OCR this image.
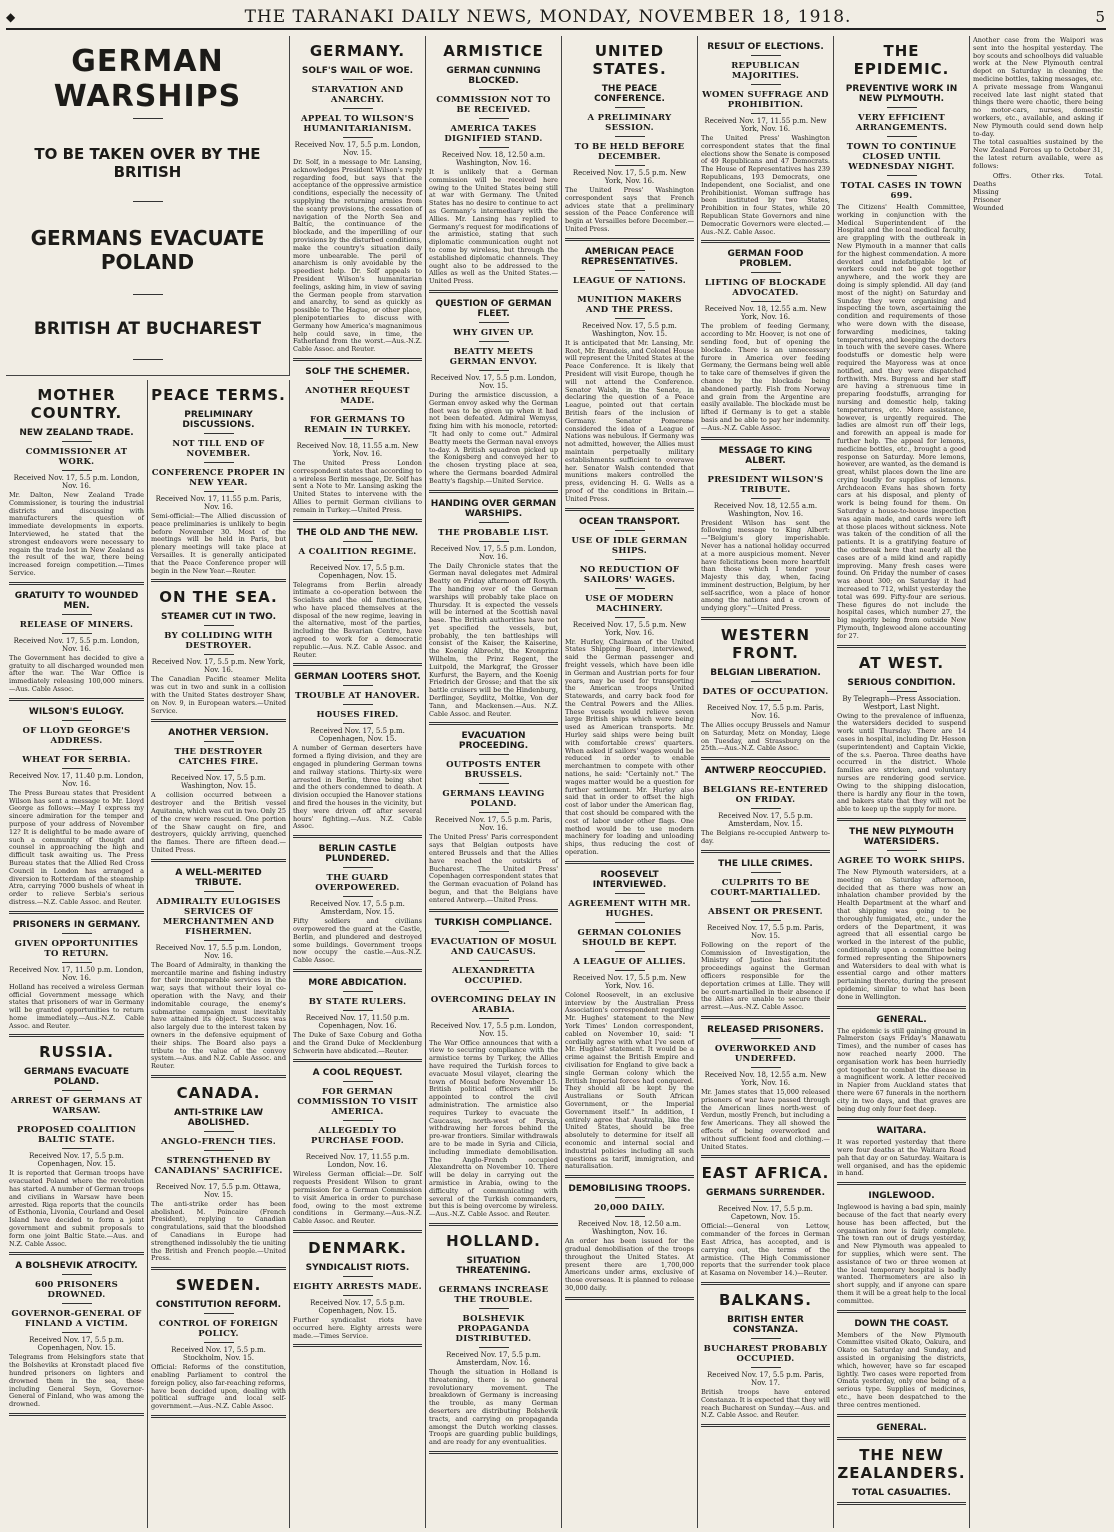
◆	THE TARANAKI DAILY NEWS, MONDAY, NOVEMBER 18, 1918.	5
GERMAN WARSHIPS
TO BE TAKEN OVER BY THE BRITISH
GERMANS EVACUATE POLAND
BRITISH AT BUCHAREST
MOTHER COUNTRY.
NEW ZEALAND TRADE.
COMMISSIONER AT WORK.
Received Nov. 17, 5.5 p.m. London, Nov. 16.
Mr. Dalton, New Zealand Trade Commissioner, is touring the industrial districts and discussing with manufacturers the question of immediate developments in exports. Interviewed, he stated that the strongest endeavors were necessary to regain the trade lost in New Zealand as the result of the war, there being increased foreign competition.—Times Service.
GRATUITY TO WOUNDED MEN.
RELEASE OF MINERS.
Received Nov. 17, 5.5 p.m. London, Nov. 16.
The Government has decided to give a gratuity to all discharged wounded men after the war. The War Office is immediately releasing 100,000 miners.—Aus. Cable Assoc.
WILSON'S EULOGY.
OF LLOYD GEORGE'S ADDRESS.
WHEAT FOR SERBIA.
Received Nov. 17, 11.40 p.m. London, Nov. 16.
The Press Bureau states that President Wilson has sent a message to Mr. Lloyd George as follows:—May I express my sincere admiration for the temper and purpose of your address of November 12? It is delightful to be made aware of such a community of thought and counsel in approaching the high and difficult task awaiting us. The Press Bureau states that the Allied Red Cross Council in London has arranged a diversion to Rotterdam of the steamship Atra, carrying 7000 bushels of wheat in order to relieve Serbia's serious distress.—N.Z. Cable Assoc. and Reuter.
PRISONERS IN GERMANY.
GIVEN OPPORTUNITIES TO RETURN.
Received Nov. 17, 11.50 p.m. London, Nov. 16.
Holland has received a wireless German official Government message which states that prisoners of war in Germany will be granted opportunities to return home immediately.—Aus.-N.Z. Cable Assoc. and Reuter.
RUSSIA.
GERMANS EVACUATE POLAND.
ARREST OF GERMANS AT WARSAW.
PROPOSED COALITION BALTIC STATE.
Received Nov. 17, 5.5 p.m. Copenhagen, Nov. 15.
It is reported that German troops have evacuated Poland where the revolution has started. A number of German troops and civilians in Warsaw have been arrested. Riga reports that the councils of Esthonia, Livonia, Courland and Oesel Island have decided to form a joint government and submit proposals to form one joint Baltic State.—Aus. and N.Z. Cable Assoc.
A BOLSHEVIK ATROCITY.
600 PRISONERS DROWNED.
GOVERNOR-GENERAL OF FINLAND A VICTIM.
Received Nov. 17, 5.5 p.m. Copenhagen, Nov. 15.
Telegrams from Helsingfors state that the Bolsheviks at Kronstadt placed five hundred prisoners on lighters and drowned them in the sea, these including General Seyn, Governor-General of Finland, who was among the drowned.
PEACE TERMS.
PRELIMINARY DISCUSSIONS.
NOT TILL END OF NOVEMBER.
CONFERENCE PROPER IN NEW YEAR.
Received Nov. 17, 11.55 p.m. Paris, Nov. 16.
Semi-official:—The Allied discussion of peace preliminaries is unlikely to begin before November 30. Most of the meetings will be held in Paris, but plenary meetings will take place at Versailles. It is generally anticipated that the Peace Conference proper will begin in the New Year.—Reuter.
ON THE SEA.
STEAMER CUT IN TWO.
BY COLLIDING WITH DESTROYER.
Received Nov. 17, 5.5 p.m. New York, Nov. 16.
The Canadian Pacific steamer Melita was cut in two and sunk in a collision with the United States destroyer Shaw, on Nov. 9, in European waters.—United Service.
ANOTHER VERSION.
THE DESTROYER CATCHES FIRE.
Received Nov. 17, 5.5 p.m. Washington, Nov. 15.
A collision occurred between a destroyer and the British vessel Aquitania, which was cut in two. Only 25 of the crew were rescued. One portion of the Shaw caught on fire, and destroyers, quickly arriving, quenched the flames. There are fifteen dead.—United Press.
A WELL-MERITED TRIBUTE.
ADMIRALTY EULOGISES SERVICES OF MERCHANTMEN AND FISHERMEN.
Received Nov. 17, 5.5 p.m. London, Nov. 16.
The Board of Admiralty, in thanking the mercantile marine and fishing industry for their incomparable services in the war, says that without their loyal co-operation with the Navy, and their indomitable courage, the enemy's submarine campaign must inevitably have attained its object. Success was also largely due to the interest taken by owners in the defensive equipment of their ships. The Board also pays a tribute to the value of the convoy system.—Aus. and N.Z. Cable Assoc. and Reuter.
CANADA.
ANTI-STRIKE LAW ABOLISHED.
ANGLO-FRENCH TIES.
STRENGTHENED BY CANADIANS' SACRIFICE.
Received Nov. 17, 5.5 p.m. Ottawa, Nov. 15.
The anti-strike order has been abolished. M. Poincaire (French President), replying to Canadian congratulations, said that the bloodshed of Canadians in Europe had strengthened indissolubly the tie uniting the British and French people.—United Press.
SWEDEN.
CONSTITUTION REFORM.
CONTROL OF FOREIGN POLICY.
Received Nov. 17, 5.5 p.m. Stockholm, Nov. 15.
Official: Reforms of the constitution, enabling Parliament to control the foreign policy, also far-reaching reforms, have been decided upon, dealing with political suffrage and local self-government.—Aus.-N.Z. Cable Assoc.
GERMANY.
SOLF'S WAIL OF WOE.
STARVATION AND ANARCHY.
APPEAL TO WILSON'S HUMANITARIANISM.
Received Nov. 17, 5.5 p.m. London, Nov. 15.
Dr. Solf, in a message to Mr. Lansing, acknowledges President Wilson's reply regarding food, but says that the acceptance of the oppressive armistice conditions, especially the necessity of supplying the returning armies from the scanty provisions, the cessation of navigation of the North Sea and Baltic, the continuance of the blockade, and the imperilling of our provisions by the disturbed conditions, make the country's situation daily more unbearable. The peril of anarchism is only avoidable by the speediest help. Dr. Solf appeals to President Wilson's humanitarian feelings, asking him, in view of saving the German people from starvation and anarchy, to send as quickly as possible to The Hague, or other place, plenipotentiaries to discuss with Germany how America's magnanimous help could save, in time, the Fatherland from the worst.—Aus.-N.Z. Cable Assoc. and Reuter.
SOLF THE SCHEMER.
ANOTHER REQUEST MADE.
FOR GERMANS TO REMAIN IN TURKEY.
Received Nov. 18, 11.55 a.m. New York, Nov. 16.
The United Press London correspondent states that according to a wireless Berlin message, Dr. Solf has sent a Note to Mr. Lansing asking the United States to intervene with the Allies to permit German civilians to remain in Turkey.—United Press.
THE OLD AND THE NEW.
A COALITION REGIME.
Received Nov. 17, 5.5 p.m. Copenhagen, Nov. 15.
Telegrams from Berlin already intimate a co-operation between the Socialists and the old functionaries, who have placed themselves at the disposal of the new regime, leaving in the alternative, most of the parties, including the Bavarian Centre, have agreed to work for a democratic republic.—Aus. N.Z. Cable Assoc. and Reuter.
GERMAN LOOTERS SHOT.
TROUBLE AT HANOVER.
HOUSES FIRED.
Received Nov. 17, 5.5 p.m. Copenhagen, Nov. 15.
A number of German deserters have formed a flying division, and they are engaged in plundering German towns and railway stations. Thirty-six were arrested in Berlin, three being shot and the others condemned to death. A division occupied the Hanover stations and fired the houses in the vicinity, but they were driven off after several hours' fighting.—Aus. N.Z. Cable Assoc.
BERLIN CASTLE PLUNDERED.
THE GUARD OVERPOWERED.
Received Nov. 17, 5.5 p.m. Amsterdam, Nov. 15.
Fifty soldiers and civilians overpowered the guard at the Castle, Berlin, and plundered and destroyed some buildings. Government troops now occupy the castle.—Aus.-N.Z. Cable Assoc.
MORE ABDICATION.
BY STATE RULERS.
Received Nov. 17, 11.50 p.m. Copenhagen, Nov. 16.
The Duke of Saxe Coburg and Gotha and the Grand Duke of Mecklenburg Schwerin have abdicated.—Reuter.
A COOL REQUEST.
FOR GERMAN COMMISSION TO VISIT AMERICA.
ALLEGEDLY TO PURCHASE FOOD.
Received Nov. 17, 11.55 p.m. London, Nov. 16.
Wireless German official:—Dr. Solf requests President Wilson to grant permission for a German Commission to visit America in order to purchase food, owing to the most extreme conditions in Germany.—Aus.-N.Z. Cable Assoc. and Reuter.
DENMARK.
SYNDICALIST RIOTS.
EIGHTY ARRESTS MADE.
Received Nov. 17, 5.5 p.m. Copenhagen, Nov. 15.
Further syndicalist riots have occurred here. Eighty arrests were made.—Times Service.
ARMISTICE
GERMAN CUNNING BLOCKED.
COMMISSION NOT TO BE RECEIVED.
AMERICA TAKES DIGNIFIED STAND.
Received Nov. 18, 12.50 a.m. Washington, Nov. 16.
It is unlikely that a German commission will be received here owing to the United States being still at war with Germany. The United States has no desire to continue to act as Germany's intermediary with the Allies. Mr. Lansing has replied to Germany's request for modifications of the armistice, stating that such diplomatic communication ought not to come by wireless, but through the established diplomatic channels. They ought also to be addressed to the Allies as well as the United States.—United Press.
QUESTION OF GERMAN FLEET.
WHY GIVEN UP.
BEATTY MEETS GERMAN ENVOY.
Received Nov. 17, 5.5 p.m. London, Nov. 15.
During the armistice discussion, a German envoy asked why the German fleet was to be given up when it had not been defeated. Admiral Wemyss, fixing him with his monocle, retorted: "It had only to come out." Admiral Beatty meets the German naval envoys to-day. A British squadron picked up the Konigsberg and conveyed her to the chosen trysting place at sea, where the Germans boarded Admiral Beatty's flagship.—United Service.
HANDING OVER GERMAN WARSHIPS.
THE PROBABLE LIST.
Received Nov. 17, 5.5 p.m. London, Nov. 16.
The Daily Chronicle states that the German naval delegates met Admiral Beatty on Friday afternoon off Rosyth. The handing over of the German warships will probably take place on Thursday. It is expected the vessels will be interned at the Scottish naval base. The British authorities have not yet specified the vessels, but, probably, the ten battleships will consist of the Kaiser, the Kaiserine, the Koenig Albrecht, the Kronprinz Wilhelm, the Prinz Regent, the Luitpold, the Markgraf, the Grosser Kurfurst, the Bayern, and the Koenig Friedrich der Grosse; and that the six battle cruisers will be the Hindenburg, Derflinger, Seydlitz, Moltke, Von der Tann, and Mackensen.—Aus. N.Z. Cable Assoc. and Reuter.
EVACUATION PROCEEDING.
OUTPOSTS ENTER BRUSSELS.
GERMANS LEAVING POLAND.
Received Nov. 17, 5.5 p.m. Paris, Nov. 16.
The United Press' Paris correspondent says that Belgian outposts have entered Brussels and that the Allies have reached the outskirts of Bucharest. The United Press' Copenhagen correspondent states that the German evacuation of Poland has begun, and that the Belgians have entered Antwerp.—United Press.
TURKISH COMPLIANCE.
EVACUATION OF MOSUL AND CAUCASUS.
ALEXANDRETTA OCCUPIED.
OVERCOMING DELAY IN ARABIA.
Received Nov. 17, 5.5 p.m. London, Nov. 15.
The War Office announces that with a view to securing compliance with the armistice terms by Turkey, the Allies have required the Turkish forces to evacuate Mosul vilayet, clearing the town of Mosul before November 15. British political officers will be appointed to control the civil administration. The armistice also requires Turkey to evacuate the Caucasus, north-west of Persia, withdrawing her forces behind the pre-war frontiers. Similar withdrawals are to be made in Syria and Cilicia, including immediate demobilisation. The Anglo-French occupied Alexandretta on November 10. There will be delay in carrying out the armistice in Arabia, owing to the difficulty of communicating with several of the Turkish commanders, but this is being overcome by wireless.—Aus.-N.Z. Cable Assoc. and Reuter.
HOLLAND.
SITUATION THREATENING.
GERMANS INCREASE THE TROUBLE.
BOLSHEVIK PROPAGANDA DISTRIBUTED.
Received Nov. 17, 5.5 p.m. Amsterdam, Nov. 16.
Though the situation in Holland is threatening, there is no general revolutionary movement. The breakdown of Germany is increasing the trouble, as many German deserters are distributing Bolshevik tracts, and carrying on propaganda amongst the Dutch working classes. Troops are guarding public buildings, and are ready for any eventualities.
UNITED STATES.
THE PEACE CONFERENCE.
A PRELIMINARY SESSION.
TO BE HELD BEFORE DECEMBER.
Received Nov. 17, 5.5 p.m. New York, Nov. 16.
The United Press' Washington correspondent says that French advices state that a preliminary session of the Peace Conference will begin at Versailles before December.—United Press.
AMERICAN PEACE REPRESENTATIVES.
LEAGUE OF NATIONS.
MUNITION MAKERS AND THE PRESS.
Received Nov. 17, 5.5 p.m. Washington, Nov. 15.
It is anticipated that Mr. Lansing, Mr. Root, Mr. Brandeis, and Colonel House will represent the United States at the Peace Conference. It is likely that President will visit Europe, though he will not attend the Conference. Senator Walsh, in the Senate, in declaring the question of a Peace League, pointed out that certain British fears of the inclusion of Germany. Senator Pomerene considered the idea of a League of Nations was nebulous. If Germany was not admitted, however, the Allies must maintain perpetually military establishments sufficient to overawe her. Senator Walsh contended that munitions makers controlled the press, evidencing H. G. Wells as a proof of the conditions in Britain.—United Press.
OCEAN TRANSPORT.
USE OF IDLE GERMAN SHIPS.
NO REDUCTION OF SAILORS' WAGES.
USE OF MODERN MACHINERY.
Received Nov. 17, 5.5 p.m. New York, Nov. 16.
Mr. Hurley, Chairman of the United States Shipping Board, interviewed, said the German passenger and freight vessels, which have been idle in German and Austrian ports for four years, may be used for transporting the American troops United Statewards, and carry back food for the Central Powers and the Allies. These vessels would relieve seven large British ships which were being used as American transports. Mr. Hurley said ships were being built with comfortable crews' quarters. When asked if sailors' wages would be reduced in order to enable merchantmen to compete with other nations, he said: "Certainly not." The wages matter would be a question for further settlement. Mr. Hurley also said that in order to offset the high cost of labor under the American flag, that cost should be compared with the cost of labor under other flags. One method would be to use modern machinery for loading and unloading ships, thus reducing the cost of operation.
ROOSEVELT INTERVIEWED.
AGREEMENT WITH MR. HUGHES.
GERMAN COLONIES SHOULD BE KEPT.
A LEAGUE OF ALLIES.
Received Nov. 17, 5.5 p.m. New York, Nov. 16.
Colonel Roosevelt, in an exclusive interview by the Australian Press Association's correspondent regarding Mr. Hughes' statement to the New York Times' London correspondent, cabled on November 10, said: "I cordially agree with what I've seen of Mr. Hughes' statement. It would be a crime against the British Empire and civilisation for England to give back a single German colony which the British Imperial forces had conquered. They should all be kept by the Australians or South African Government, or the Imperial Government itself." In addition, I entirely agree that Australia, like the United States, should be free absolutely to determine for itself all economic and internal social and industrial policies including all such questions as tariff, immigration, and naturalisation.
DEMOBILISING TROOPS.
20,000 DAILY.
Received Nov. 18, 12.50 a.m. Washington, Nov. 16.
An order has been issued for the gradual demobilisation of the troops throughout the United States. At present there are 1,700,000 Americans under arms, exclusive of those overseas. It is planned to release 30,000 daily.
RESULT OF ELECTIONS.
REPUBLICAN MAJORITIES.
WOMEN SUFFRAGE AND PROHIBITION.
Received Nov. 17, 11.55 p.m. New York, Nov. 16.
The United Press' Washington correspondent states that the final elections show the Senate is composed of 49 Republicans and 47 Democrats. The House of Representatives has 239 Republicans, 193 Democrats, one Independent, one Socialist, and one Prohibitionist. Woman suffrage has been instituted by two States, Prohibition in four States, while 20 Republican State Governors and nine Democratic Governors were elected.—Aus.-N.Z. Cable Assoc.
GERMAN FOOD PROBLEM.
LIFTING OF BLOCKADE ADVOCATED.
Received Nov. 18, 12.55 a.m. New York, Nov. 16.
The problem of feeding Germany, according to Mr. Hoover, is not one of sending food, but of opening the blockade. There is an unnecessary furore in America over feeding Germany, the Germans being well able to take care of themselves if given the chance by the blockade being abandoned partly. Fish from Norway and grain from the Argentine are easily available. The blockade must be lifted if Germany is to get a stable basis and be able to pay her indemnity.—Aus.-N.Z. Cable Assoc.
MESSAGE TO KING ALBERT.
PRESIDENT WILSON'S TRIBUTE.
Received Nov. 18, 12.55 a.m. Washington, Nov. 16.
President Wilson has sent the following message to King Albert:—"Belgium's glory imperishable. Never has a national holiday occurred at a more auspicious moment. Never have felicitations been more heartfelt than those which I tender your Majesty this day, when, facing imminent destruction, Belgium, by her self-sacrifice, won a place of honor among the nations and a crown of undying glory."—United Press.
WESTERN FRONT.
BELGIAN LIBERATION.
DATES OF OCCUPATION.
Received Nov. 17, 5.5 p.m. Paris, Nov. 16.
The Allies occupy Brussels and Namur on Saturday, Metz on Monday, Liege on Tuesday, and Strassburg on the 25th.—Aus.-N.Z. Cable Assoc.
ANTWERP REOCCUPIED.
BELGIANS RE-ENTERED ON FRIDAY.
Received Nov. 17, 5.5 p.m. Amsterdam, Nov. 15.
The Belgians re-occupied Antwerp to-day.
THE LILLE CRIMES.
CULPRITS TO BE COURT-MARTIALLED.
ABSENT OR PRESENT.
Received Nov. 17, 5.5 p.m. Paris, Nov. 15.
Following on the report of the Commission of Investigation, the Ministry of Justice has instituted proceedings against the German officers responsible for the deportation crimes at Lille. They will be court-martialled in their absence if the Allies are unable to secure their arrest.—Aus.-N.Z. Cable Assoc.
RELEASED PRISONERS.
OVERWORKED AND UNDERFED.
Received Nov. 18, 12.55 a.m. New York, Nov. 16.
Mr. James states that 15,000 released prisoners of war have passed through the American lines north-west of Verdun, mostly French, but including a few Americans. They all showed the effects of being overworked and without sufficient food and clothing.—United States.
EAST AFRICA.
GERMANS SURRENDER.
Received Nov. 17, 5.5 p.m. Capetown, Nov. 15.
Official:—General von Lettow, commander of the forces in German East Africa, has accepted, and is carrying out, the terms of the armistice. (The High Commissioner reports that the surrender took place at Kasama on November 14.)—Reuter.
BALKANS.
BRITISH ENTER CONSTANZA.
BUCHAREST PROBABLY OCCUPIED.
Received Nov. 17, 5.5 p.m. Paris, Nov. 17.
British troops have entered Constanza. It is expected that they will reach Bucharest on Sunday.—Aus. and N.Z. Cable Assoc. and Reuter.
THE EPIDEMIC.
PREVENTIVE WORK IN NEW PLYMOUTH.
VERY EFFICIENT ARRANGEMENTS.
TOWN TO CONTINUE CLOSED UNTIL WEDNESDAY NIGHT.
TOTAL CASES IN TOWN 699.
The Citizens' Health Committee, working in conjunction with the Medical Superintendent of the Hospital and the local medical faculty, are grappling with the outbreak in New Plymouth in a manner that calls for the highest commendation. A more devoted and indefatigable lot of workers could not be got together anywhere, and the work they are doing is simply splendid. All day (and most of the night) on Saturday and Sunday they were organising and inspecting the town, ascertaining the condition and requirements of those who were down with the disease, forwarding medicines, taking temperatures, and keeping the doctors in touch with the severe cases. Where foodstuffs or domestic help were required the Mayoress was at once notified, and they were dispatched forthwith. Mrs. Burgess and her staff are having a strenuous time in preparing foodstuffs, arranging for nursing and domestic help, taking temperatures, etc. More assistance, however, is urgently required. The ladies are almost run off their legs, and forewith an appeal is made for further help. The appeal for lemons, medicine bottles, etc., brought a good response on Saturday. More lemons, however, are wanted, as the demand is great, whilst places down the line are crying loudly for supplies of lemons. Archdeacon Evans has shown forty cars at his disposal, and plenty of work is being found for them. On Saturday a house-to-house inspection was again made, and cards were left at those places without sickness. Note was taken of the condition of all the patients. It is a gratifying feature of the outbreak here that nearly all the cases are of a mild kind and rapidly improving. Many fresh cases were found. On Friday the number of cases was about 300; on Saturday it had increased to 712, whilst yesterday the total was 699. Fifty-four are serious. These figures do not include the hospital cases, which number 27, the big majority being from outside New Plymouth, Inglewood alone accounting for 27.
AT WEST.
SERIOUS CONDITION.
By Telegraph—Press Association. Westport, Last Night.
Owing to the prevalence of influenza, the watersiders decided to suspend work until Thursday. There are 14 cases in hospital, including Dr. Hesson (superintendent) and Captain Vickie, of the s.s. Paeroa. Three deaths have occurred in the district. Whole families are stricken, and voluntary nurses are rendering good service. Owing to the shipping dislocation, there is hardly any flour in the town, and bakers state that they will not be able to keep up the supply for more.
THE NEW PLYMOUTH WATERSIDERS.
AGREE TO WORK SHIPS.
The New Plymouth watersiders, at a meeting on Saturday afternoon, decided that as there was now an inhalation chamber provided by the Health Department at the wharf and that shipping was going to be thoroughly fumigated, etc., under the orders of the Department, it was agreed that all essential cargo be worked in the interest of the public, conditionally upon a committee being formed representing the Shipowners and Watersiders to deal with what is essential cargo and other matters pertaining thereto, during the present epidemic, similar to what has been done in Wellington.
GENERAL.
The epidemic is still gaining ground in Palmerston (says Friday's Manawatu Times), and the number of cases has now reached nearly 2000. The organisation work has been hurriedly got together to combat the disease in a magnificent work. A letter received in Napier from Auckland states that there were 67 funerals in the northern city in two days, and that graves are being dug only four feet deep.
WAITARA.
It was reported yesterday that there were four deaths at the Waitara Road pah that day or on Saturday. Waitara is well organised, and has the epidemic in hand.
INGLEWOOD.
Inglewood is having a bad spin, mainly because of the fact that nearly every house has been affected, but the organisation now is fairly complete. The town ran out of drugs yesterday, and New Plymouth was appealed to for supplies, which were sent. The assistance of two or three women at the local temporary hospital is badly wanted. Thermometers are also in short supply, and if anyone can spare them it will be a great help to the local committee.
DOWN THE COAST.
Members of the New Plymouth Committee visited Okato, Oakura, and Okato on Saturday and Sunday, and assisted in organising the districts, which, however, have so far escaped lightly. Two cases were reported from Omata yesterday, only one being of a serious type. Supplies of medicines, etc., have been despatched to the three centres mentioned.
GENERAL.
THE NEW ZEALANDERS.
TOTAL CASUALTIES.
Another case from the Waipori was sent into the hospital yesterday. The boy scouts and schoolboys did valuable work at the New Plymouth central depot on Saturday in cleaning the medicine bottles, taking messages, etc. A private message from Wanganui received late last night stated that things there were chaotic, there being no motor-cars, nurses, domestic workers, etc., available, and asking if New Plymouth could send down help to-day.
The total casualties sustained by the New Zealand Forces up to October 31, the latest return available, were as follows:
Offrs.	Other rks.	Total.
Deaths
Missing
Prisoner
Wounded
